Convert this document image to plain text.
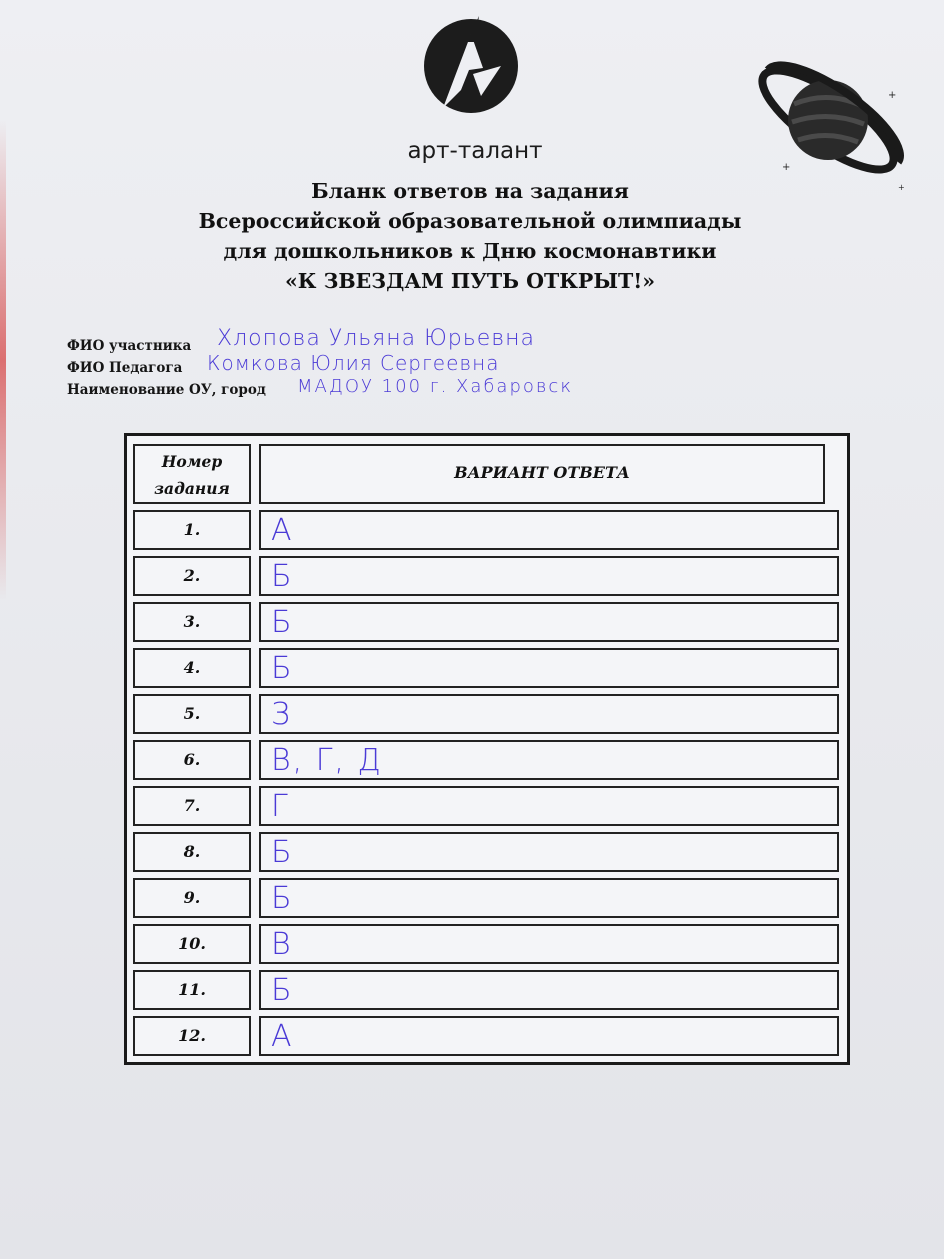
арт-талант
+
+
+
Бланк ответов на задания
Всероссийской образовательной олимпиады
для дошкольников к Дню космонавтики
«К ЗВЕЗДАМ ПУТЬ ОТКРЫТ!»
ФИО участника Хлопова Ульяна Юрьевна
ФИО Педагога Комкова Юлия Сергеевна
Наименование ОУ, город МАДОУ 100 г. Хабаровск
Номер
задания
ВАРИАНТ ОТВЕТА
1.	А
2.	Б
3.	Б
4.	Б
5.	З
6.	В, Г, Д
7.	Г
8.	Б
9.	Б
10.	В
11.	Б
12.	А
